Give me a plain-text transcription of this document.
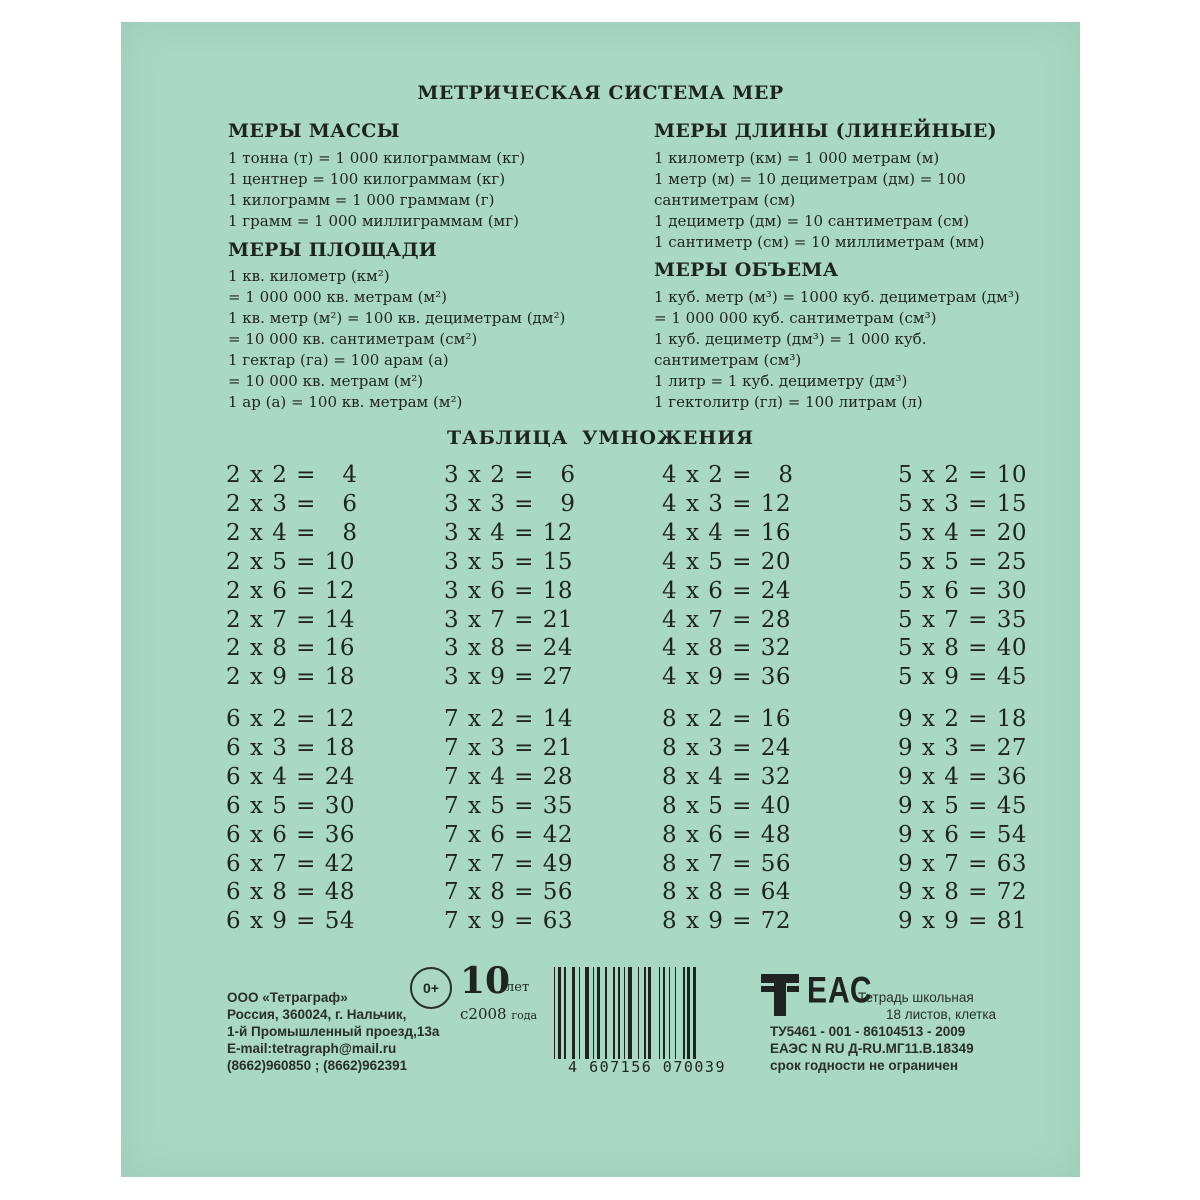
МЕТРИЧЕСКАЯ СИСТЕМА МЕР
МЕРЫ МАССЫ
1 тонна (т) = 1 000 килограммам (кг)
1 центнер = 100 килограммам (кг)
1 килограмм = 1 000 граммам (г)
1 грамм = 1 000 миллиграммам (мг)
МЕРЫ ПЛОЩАДИ
1 кв. километр (км²)
= 1 000 000 кв. метрам (м²)
1 кв. метр (м²) = 100 кв. дециметрам (дм²)
= 10 000 кв. сантиметрам (см²)
1 гектар (га) = 100 арам (а)
= 10 000 кв. метрам (м²)
1 ар (а) = 100 кв. метрам (м²)
МЕРЫ ДЛИНЫ (ЛИНЕЙНЫЕ)
1 километр (км) = 1 000 метрам (м)
1 метр (м) = 10 дециметрам (дм) = 100
сантиметрам (см)
1 дециметр (дм) = 10 сантиметрам (см)
1 сантиметр (см) = 10 миллиметрам (мм)
МЕРЫ ОБЪЕМА
1 куб. метр (м³) = 1000 куб. дециметрам (дм³)
= 1 000 000 куб. сантиметрам (см³)
1 куб. дециметр (дм³) = 1 000 куб.
сантиметрам (см³)
1 литр = 1 куб. дециметру (дм³)
1 гектолитр (гл) = 100 литрам (л)
ТАБЛИЦА УМНОЖЕНИЯ
2 x 2 =   4
2 x 3 =   6
2 x 4 =   8
2 x 5 = 10
2 x 6 = 12
2 x 7 = 14
2 x 8 = 16
2 x 9 = 18
3 x 2 =   6
3 x 3 =   9
3 x 4 = 12
3 x 5 = 15
3 x 6 = 18
3 x 7 = 21
3 x 8 = 24
3 x 9 = 27
4 x 2 =   8
4 x 3 = 12
4 x 4 = 16
4 x 5 = 20
4 x 6 = 24
4 x 7 = 28
4 x 8 = 32
4 x 9 = 36
5 x 2 = 10
5 x 3 = 15
5 x 4 = 20
5 x 5 = 25
5 x 6 = 30
5 x 7 = 35
5 x 8 = 40
5 x 9 = 45
6 x 2 = 12
6 x 3 = 18
6 x 4 = 24
6 x 5 = 30
6 x 6 = 36
6 x 7 = 42
6 x 8 = 48
6 x 9 = 54
7 x 2 = 14
7 x 3 = 21
7 x 4 = 28
7 x 5 = 35
7 x 6 = 42
7 x 7 = 49
7 x 8 = 56
7 x 9 = 63
8 x 2 = 16
8 x 3 = 24
8 x 4 = 32
8 x 5 = 40
8 x 6 = 48
8 x 7 = 56
8 x 8 = 64
8 x 9 = 72
9 x 2 = 18
9 x 3 = 27
9 x 4 = 36
9 x 5 = 45
9 x 6 = 54
9 x 7 = 63
9 x 8 = 72
9 x 9 = 81
ООО «Тетраграф»
Россия, 360024, г. Нальчик,
1-й Промышленный проезд,13а
E-mail:tetragraph@mail.ru
(8662)960850 ; (8662)962391
0+ 10
лет
с2008 года
4 607156 070039
ЕАС
Тетрадь школьная
18 листов, клетка
ТУ5461 - 001 - 86104513 - 2009
ЕАЭС N RU Д-RU.МГ11.В.18349
срок годности не ограничен
